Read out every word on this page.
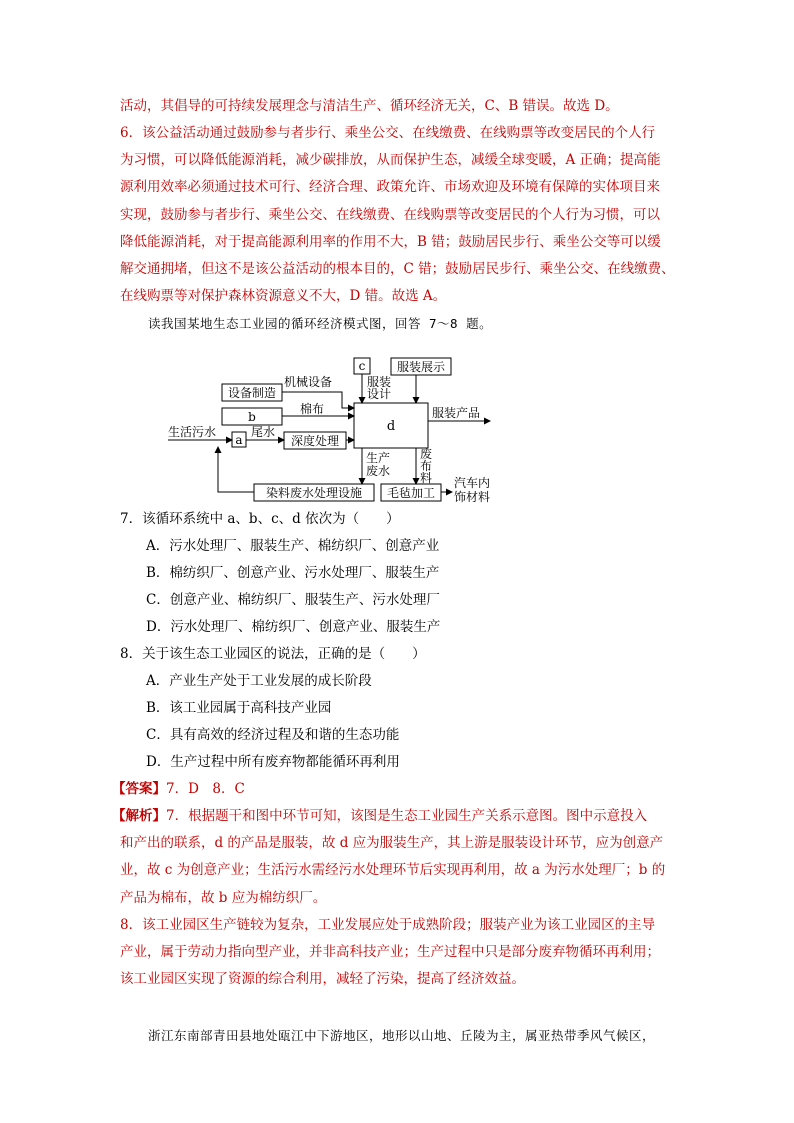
活动，其倡导的可持续发展理念与清洁生产、循环经济无关，C、B 错误。故选 D。
6．该公益活动通过鼓励参与者步行、乘坐公交、在线缴费、在线购票等改变居民的个人行
为习惯，可以降低能源消耗，减少碳排放，从而保护生态，减缓全球变暖，A 正确；提高能
源利用效率必须通过技术可行、经济合理、政策允许、市场欢迎及环境有保障的实体项目来
实现，鼓励参与者步行、乘坐公交、在线缴费、在线购票等改变居民的个人行为习惯，可以
降低能源消耗，对于提高能源利用率的作用不大，B 错；鼓励居民步行、乘坐公交等可以缓
解交通拥堵，但这不是该公益活动的根本目的，C 错；鼓励居民步行、乘坐公交、在线缴费、
在线购票等对保护森林资源意义不大，D 错。故选 A。
读我国某地生态工业园的循环经济模式图，回答 7～8 题。
c	服装展示
设备制造
机械设备	服装
设计
b
棉布
d
服装产品
生活污水
a
尾水
深度处理
生产
废水
废
布
料
染料废水处理设施 毛毡加工
汽车内
饰材料
7．该循环系统中 a、b、c、d 依次为（　　）
A．污水处理厂、服装生产、棉纺织厂、创意产业
B．棉纺织厂、创意产业、污水处理厂、服装生产
C．创意产业、棉纺织厂、服装生产、污水处理厂
D．污水处理厂、棉纺织厂、创意产业、服装生产
8．关于该生态工业园区的说法，正确的是（　　）
A．产业生产处于工业发展的成长阶段
B．该工业园属于高科技产业园
C．具有高效的经济过程及和谐的生态功能
D．生产过程中所有废弃物都能循环再利用
【答案】7．D　8．C
【解析】7．根据题干和图中环节可知，该图是生态工业园生产关系示意图。图中示意投入
和产出的联系，d 的产品是服装，故 d 应为服装生产，其上游是服装设计环节，应为创意产
业，故 c 为创意产业；生活污水需经污水处理环节后实现再利用，故 a 为污水处理厂；b 的
产品为棉布，故 b 应为棉纺织厂。
8．该工业园区生产链较为复杂，工业发展应处于成熟阶段；服装产业为该工业园区的主导
产业，属于劳动力指向型产业，并非高科技产业；生产过程中只是部分废弃物循环再利用；
该工业园区实现了资源的综合利用，减轻了污染，提高了经济效益。
浙江东南部青田县地处瓯江中下游地区，地形以山地、丘陵为主，属亚热带季风气候区，
